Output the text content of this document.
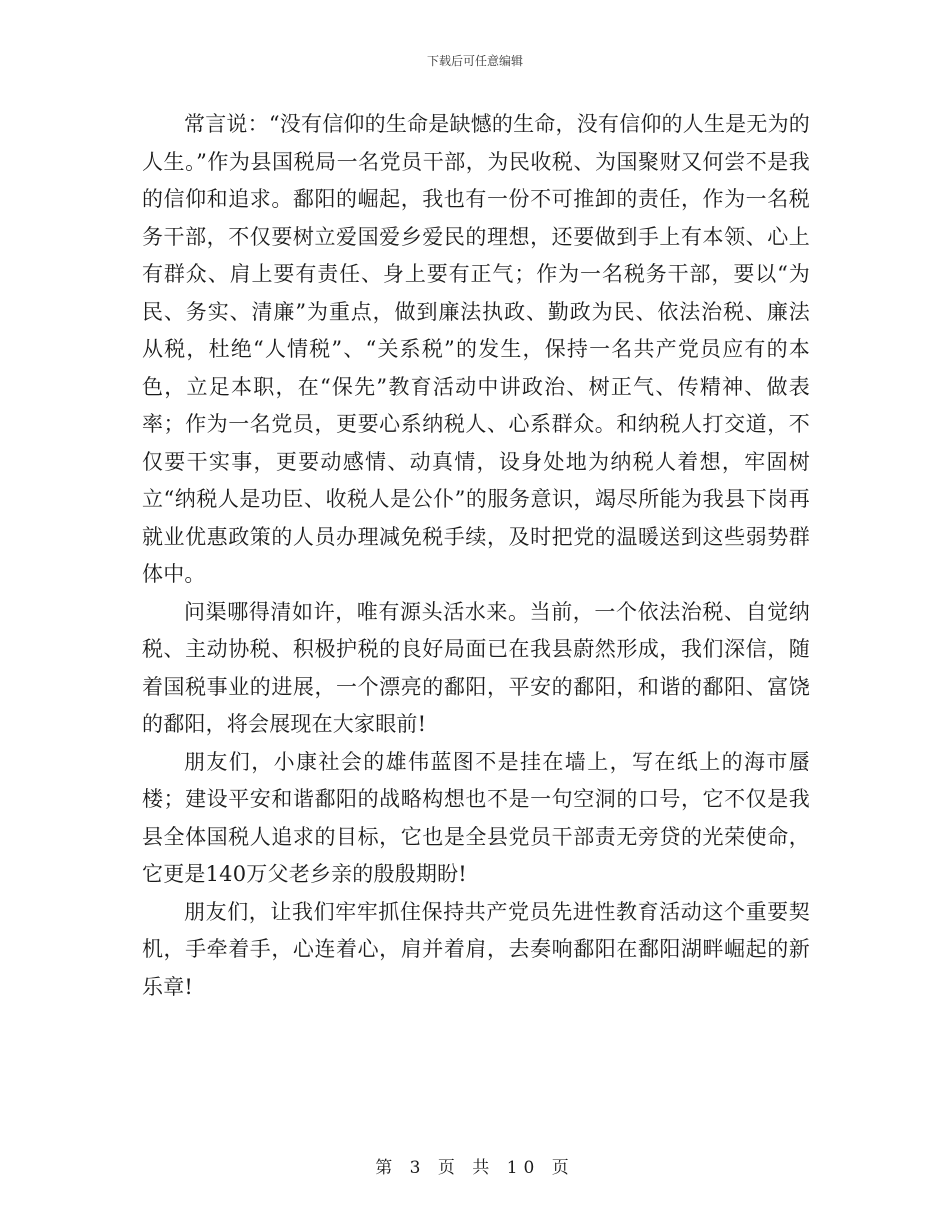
下载后可任意编辑

常言说：“没有信仰的生命是缺憾的生命，没有信仰的人生是无为的人生。”作为县国税局一名党员干部，为民收税、为国聚财又何尝不是我的信仰和追求。鄱阳的崛起，我也有一份不可推卸的责任，作为一名税务干部，不仅要树立爱国爱乡爱民的理想，还要做到手上有本领、心上有群众、肩上要有责任、身上要有正气；作为一名税务干部，要以“为民、务实、清廉”为重点，做到廉法执政、勤政为民、依法治税、廉法从税，杜绝“人情税”、“关系税”的发生，保持一名共产党员应有的本色，立足本职，在“保先”教育活动中讲政治、树正气、传精神、做表率；作为一名党员，更要心系纳税人、心系群众。和纳税人打交道，不仅要干实事，更要动感情、动真情，设身处地为纳税人着想，牢固树立“纳税人是功臣、收税人是公仆”的服务意识，竭尽所能为我县下岗再就业优惠政策的人员办理减免税手续，及时把党的温暖送到这些弱势群体中。

问渠哪得清如许，唯有源头活水来。当前，一个依法治税、自觉纳税、主动协税、积极护税的良好局面已在我县蔚然形成，我们深信，随着国税事业的进展，一个漂亮的鄱阳，平安的鄱阳，和谐的鄱阳、富饶的鄱阳，将会展现在大家眼前!

朋友们，小康社会的雄伟蓝图不是挂在墙上，写在纸上的海市蜃楼；建设平安和谐鄱阳的战略构想也不是一句空洞的口号，它不仅是我县全体国税人追求的目标，它也是全县党员干部责无旁贷的光荣使命，它更是140万父老乡亲的殷殷期盼!

朋友们，让我们牢牢抓住保持共产党员先进性教育活动这个重要契机，手牵着手，心连着心，肩并着肩，去奏响鄱阳在鄱阳湖畔崛起的新乐章!

第 3 页 共 10 页
